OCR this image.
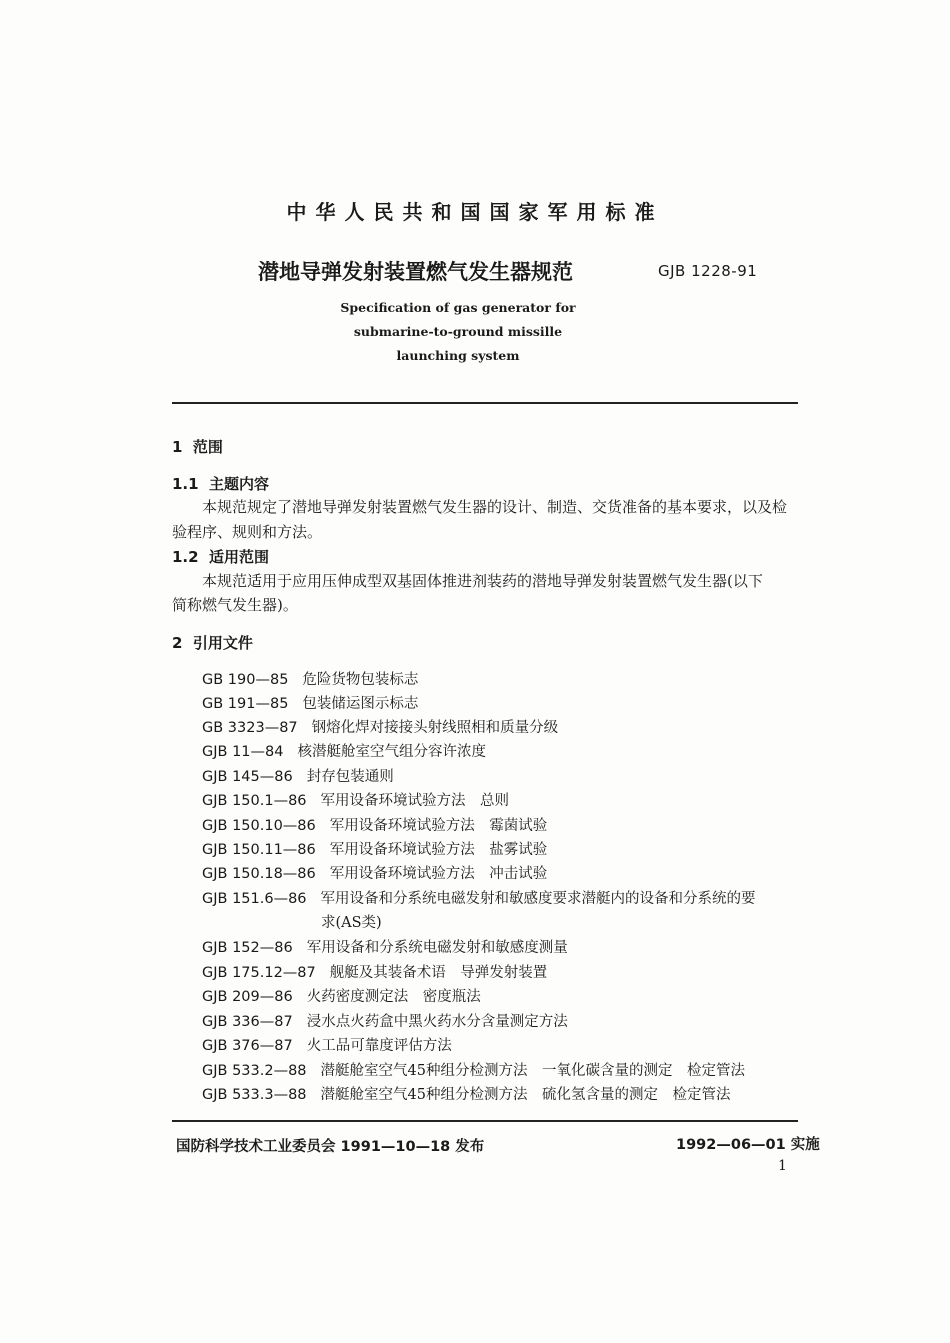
中华人民共和国国家军用标准
潜地导弹发射装置燃气发生器规范	GJB 1228-91
Specification of gas generator for
submarine-to-ground missille
launching system
1 范围
1.1 主题内容
本规范规定了潜地导弹发射装置燃气发生器的设计、制造、交货准备的基本要求，以及检
验程序、规则和方法。
1.2 适用范围
本规范适用于应用压伸成型双基固体推进剂装药的潜地导弹发射装置燃气发生器(以下
简称燃气发生器)。
2 引用文件
GB 190—85 危险货物包装标志
GB 191—85 包装储运图示标志
GB 3323—87 钢熔化焊对接接头射线照相和质量分级
GJB 11—84 核潜艇舱室空气组分容许浓度
GJB 145—86 封存包装通则
GJB 150.1—86 军用设备环境试验方法　总则
GJB 150.10—86 军用设备环境试验方法　霉菌试验
GJB 150.11—86 军用设备环境试验方法　盐雾试验
GJB 150.18—86 军用设备环境试验方法　冲击试验
GJB 151.6—86 军用设备和分系统电磁发射和敏感度要求潜艇内的设备和分系统的要
求(AS类)
GJB 152—86 军用设备和分系统电磁发射和敏感度测量
GJB 175.12—87 舰艇及其装备术语　导弹发射装置
GJB 209—86 火药密度测定法　密度瓶法
GJB 336—87 浸水点火药盒中黑火药水分含量测定方法
GJB 376—87 火工品可靠度评估方法
GJB 533.2—88 潜艇舱室空气45种组分检测方法　一氧化碳含量的测定　检定管法
GJB 533.3—88 潜艇舱室空气45种组分检测方法　硫化氢含量的测定　检定管法
国防科学技术工业委员会 1991—10—18 发布	1992—06—01 实施
1
